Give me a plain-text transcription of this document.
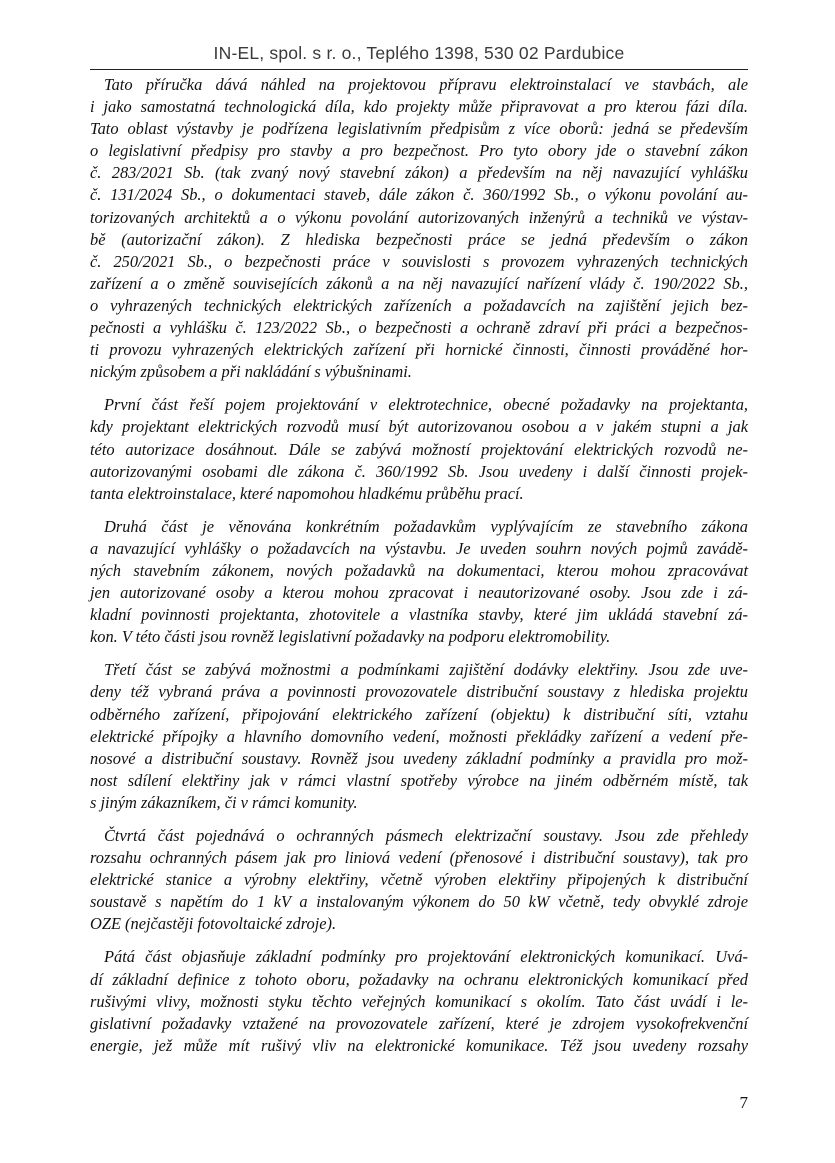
IN-EL, spol. s r. o., Teplého 1398, 530 02 Pardubice

Tato příručka dává náhled na projektovou přípravu elektroinstalací ve stavbách, ale
i jako samostatná technologická díla, kdo projekty může připravovat a pro kterou fázi díla.
Tato oblast výstavby je podřízena legislativním předpisům z více oborů: jedná se především
o legislativní předpisy pro stavby a pro bezpečnost. Pro tyto obory jde o stavební zákon
č. 283/2021 Sb. (tak zvaný nový stavební zákon) a především na něj navazující vyhlášku
č. 131/2024 Sb., o dokumentaci staveb, dále zákon č. 360/1992 Sb., o výkonu povolání au-
torizovaných architektů a o výkonu povolání autorizovaných inženýrů a techniků ve výstav-
bě (autorizační zákon). Z hlediska bezpečnosti práce se jedná především o zákon
č. 250/2021 Sb., o bezpečnosti práce v souvislosti s provozem vyhrazených technických
zařízení a o změně souvisejících zákonů a na něj navazující nařízení vlády č. 190/2022 Sb.,
o vyhrazených technických elektrických zařízeních a požadavcích na zajištění jejich bez-
pečnosti a vyhlášku č. 123/2022 Sb., o bezpečnosti a ochraně zdraví při práci a bezpečnos-
ti provozu vyhrazených elektrických zařízení při hornické činnosti, činnosti prováděné hor-
nickým způsobem a při nakládání s výbušninami.

První část řeší pojem projektování v elektrotechnice, obecné požadavky na projektanta,
kdy projektant elektrických rozvodů musí být autorizovanou osobou a v jakém stupni a jak
této autorizace dosáhnout. Dále se zabývá možností projektování elektrických rozvodů ne-
autorizovanými osobami dle zákona č. 360/1992 Sb. Jsou uvedeny i další činnosti projek-
tanta elektroinstalace, které napomohou hladkému průběhu prací.

Druhá část je věnována konkrétním požadavkům vyplývajícím ze stavebního zákona
a navazující vyhlášky o požadavcích na výstavbu. Je uveden souhrn nových pojmů zavádě-
ných stavebním zákonem, nových požadavků na dokumentaci, kterou mohou zpracovávat
jen autorizované osoby a kterou mohou zpracovat i neautorizované osoby. Jsou zde i zá-
kladní povinnosti projektanta, zhotovitele a vlastníka stavby, které jim ukládá stavební zá-
kon. V této části jsou rovněž legislativní požadavky na podporu elektromobility.

Třetí část se zabývá možnostmi a podmínkami zajištění dodávky elektřiny. Jsou zde uve-
deny též vybraná práva a povinnosti provozovatele distribuční soustavy z hlediska projektu
odběrného zařízení, připojování elektrického zařízení (objektu) k distribuční síti, vztahu
elektrické přípojky a hlavního domovního vedení, možnosti překládky zařízení a vedení pře-
nosové a distribuční soustavy. Rovněž jsou uvedeny základní podmínky a pravidla pro mož-
nost sdílení elektřiny jak v rámci vlastní spotřeby výrobce na jiném odběrném místě, tak
s jiným zákazníkem, či v rámci komunity.

Čtvrtá část pojednává o ochranných pásmech elektrizační soustavy. Jsou zde přehledy
rozsahu ochranných pásem jak pro liniová vedení (přenosové i distribuční soustavy), tak pro
elektrické stanice a výrobny elektřiny, včetně výroben elektřiny připojených k distribuční
soustavě s napětím do 1 kV a instalovaným výkonem do 50 kW včetně, tedy obvyklé zdroje
OZE (nejčastěji fotovoltaické zdroje).

Pátá část objasňuje základní podmínky pro projektování elektronických komunikací. Uvá-
dí základní definice z tohoto oboru, požadavky na ochranu elektronických komunikací před
rušivými vlivy, možnosti styku těchto veřejných komunikací s okolím. Tato část uvádí i le-
gislativní požadavky vztažené na provozovatele zařízení, které je zdrojem vysokofrekvenční
energie, jež může mít rušivý vliv na elektronické komunikace. Též jsou uvedeny rozsahy

7
